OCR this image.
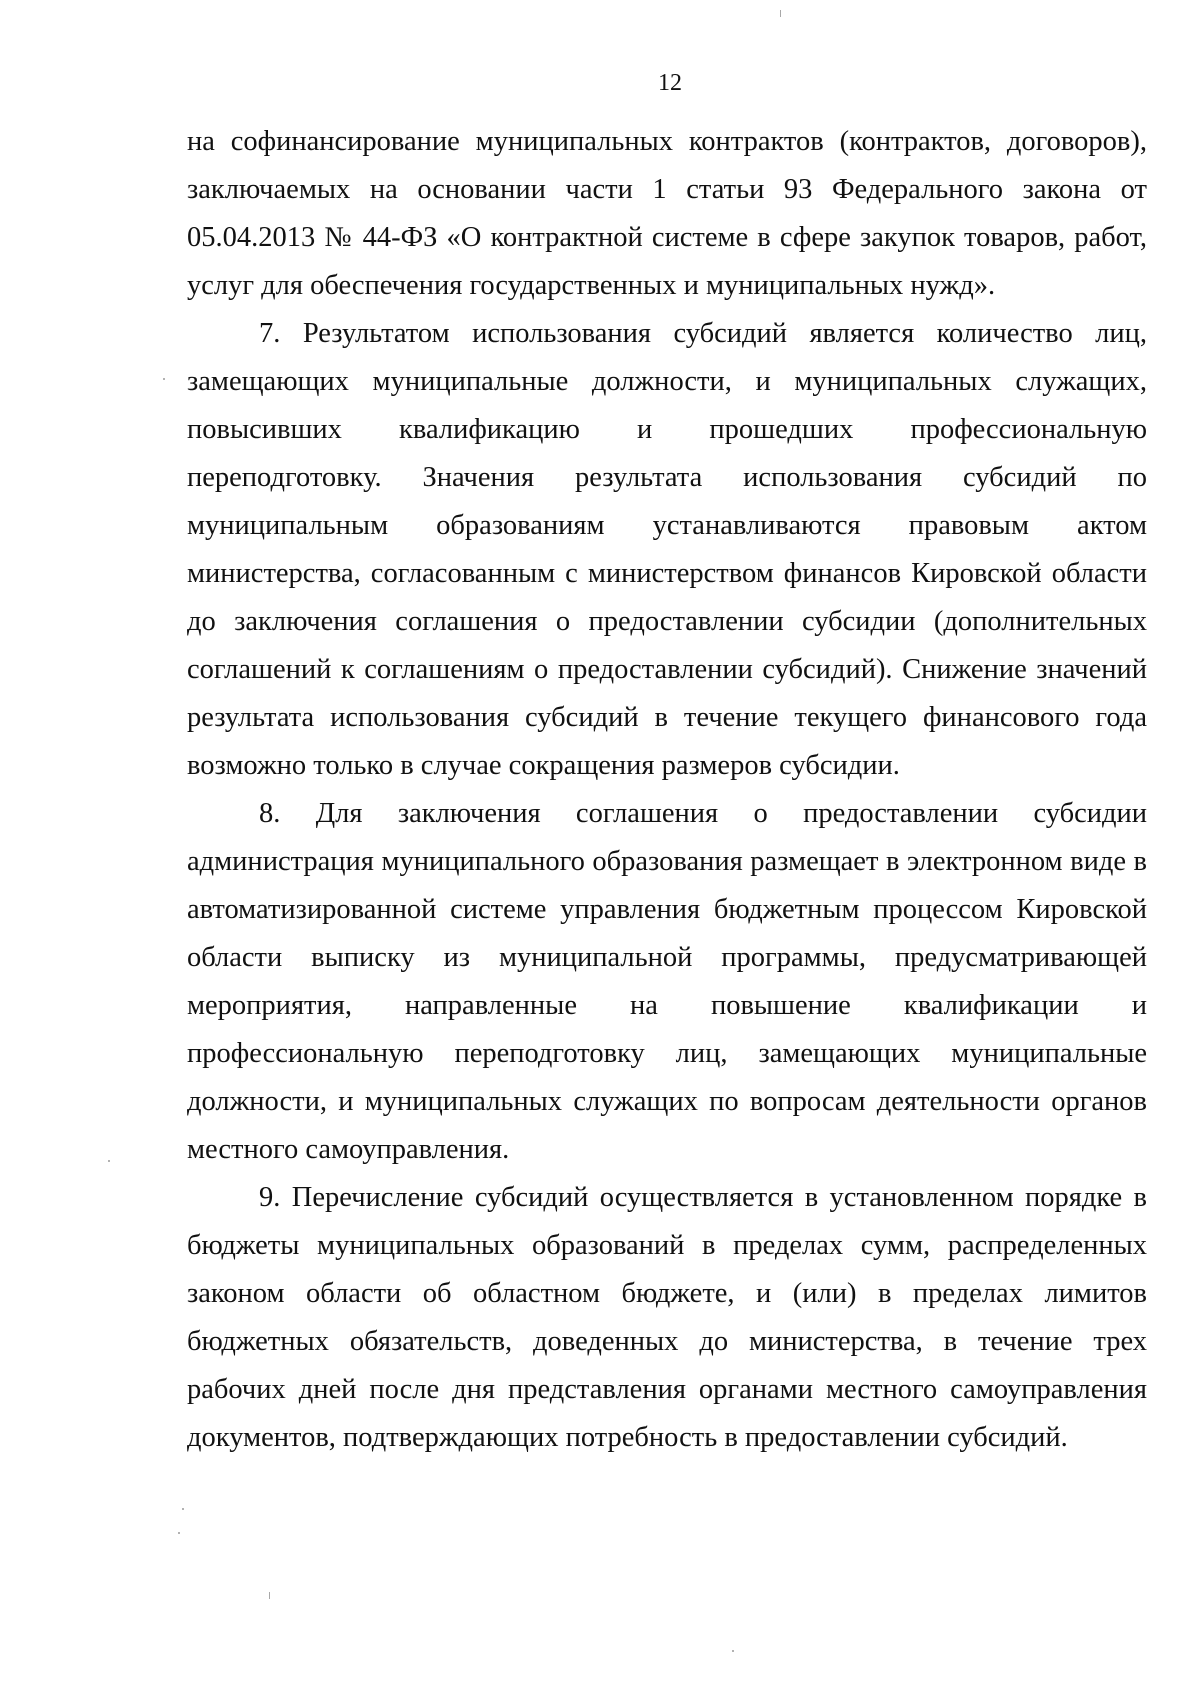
12

на софинансирование муниципальных контрактов (контрактов, договоров), заключаемых на основании части 1 статьи 93 Федерального закона от 05.04.2013 № 44-ФЗ «О контрактной системе в сфере закупок товаров, работ, услуг для обеспечения государственных и муниципальных нужд».

7. Результатом использования субсидий является количество лиц, замещающих муниципальные должности, и муниципальных служащих, повысивших квалификацию и прошедших профессиональную переподготовку. Значения результата использования субсидий по муниципальным образованиям устанавливаются правовым актом министерства, согласованным с министерством финансов Кировской области до заключения соглашения о предоставлении субсидии (дополнительных соглашений к соглашениям о предоставлении субсидий). Снижение значений результата использования субсидий в течение текущего финансового года возможно только в случае сокращения размеров субсидии.

8. Для заключения соглашения о предоставлении субсидии администрация муниципального образования размещает в электронном виде в автоматизированной системе управления бюджетным процессом Кировской области выписку из муниципальной программы, предусматривающей мероприятия, направленные на повышение квалификации и профессиональную переподготовку лиц, замещающих муниципальные должности, и муниципальных служащих по вопросам деятельности органов местного самоуправления.

9. Перечисление субсидий осуществляется в установленном порядке в бюджеты муниципальных образований в пределах сумм, распределенных законом области об областном бюджете, и (или) в пределах лимитов бюджетных обязательств, доведенных до министерства, в течение трех рабочих дней после дня представления органами местного самоуправления документов, подтверждающих потребность в предоставлении субсидий.
